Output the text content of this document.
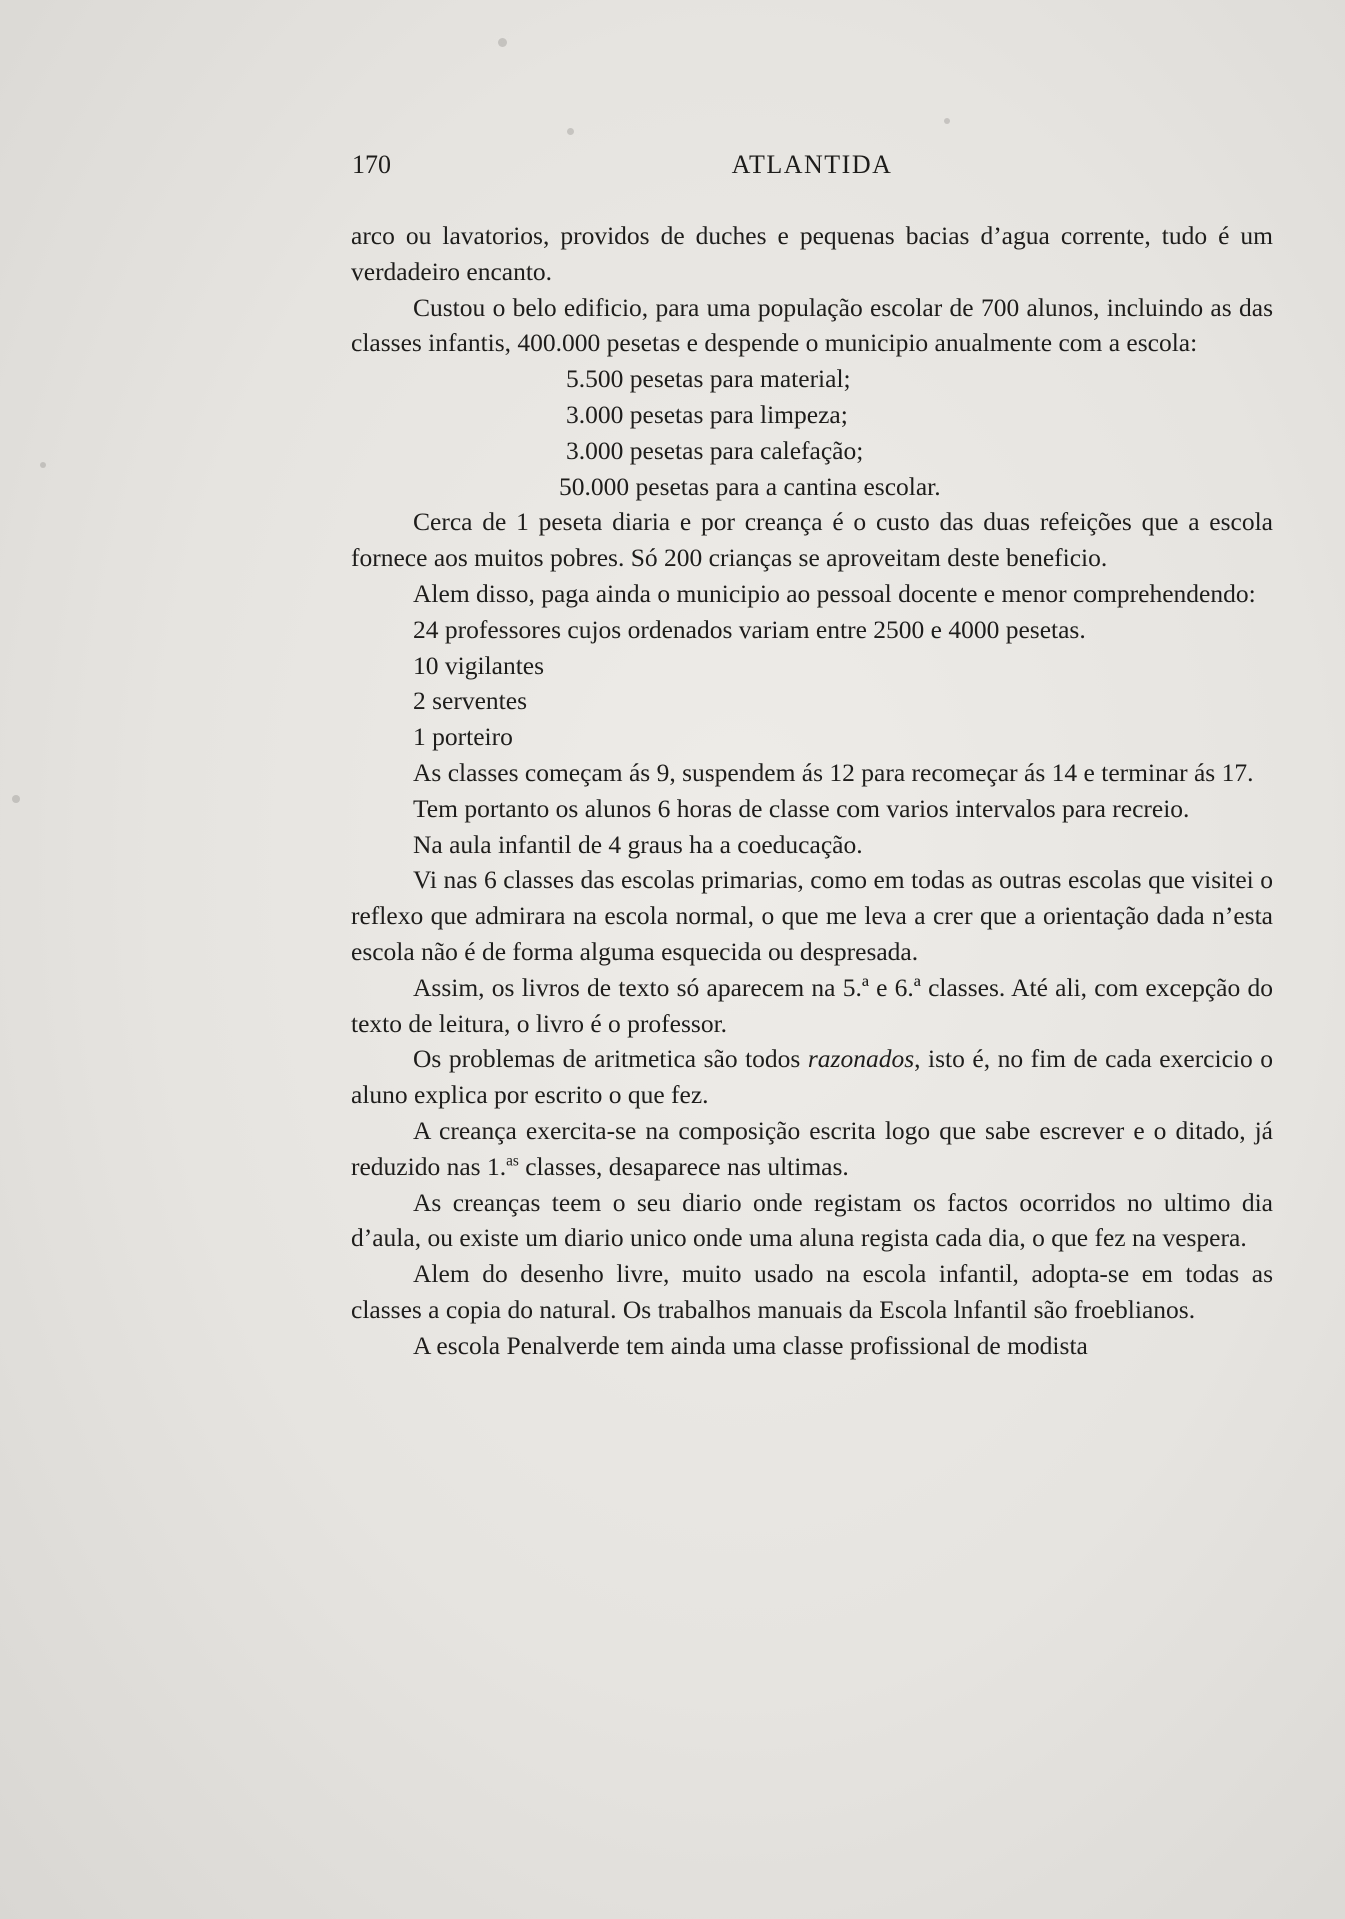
170	ATLANTIDA

arco ou lavatorios, providos de duches e pequenas bacias d’agua corrente, tudo é um verdadeiro encanto.

Custou o belo edificio, para uma população escolar de 700 alunos, incluindo as das classes infantis, 400.000 pesetas e despende o municipio anualmente com a escola:

5.500 pesetas para material;
3.000 pesetas para limpeza;
3.000 pesetas para calefação;
50.000 pesetas para a cantina escolar.

Cerca de 1 peseta diaria e por creança é o custo das duas refeições que a escola fornece aos muitos pobres. Só 200 crianças se aproveitam deste beneficio.

Alem disso, paga ainda o municipio ao pessoal docente e menor comprehendendo:

24 professores cujos ordenados variam entre 2500 e 4000 pesetas.
10 vigilantes
2 serventes
1 porteiro

As classes começam ás 9, suspendem ás 12 para recomeçar ás 14 e terminar ás 17.

Tem portanto os alunos 6 horas de classe com varios intervalos para recreio.

Na aula infantil de 4 graus ha a coeducação.

Vi nas 6 classes das escolas primarias, como em todas as outras escolas que visitei o reflexo que admirara na escola normal, o que me leva a crer que a orientação dada n’esta escola não é de forma alguma esquecida ou despresada.

Assim, os livros de texto só aparecem na 5.ª e 6.ª classes. Até ali, com excepção do texto de leitura, o livro é o professor.

Os problemas de aritmetica são todos razonados, isto é, no fim de cada exercicio o aluno explica por escrito o que fez.

A creança exercita-se na composição escrita logo que sabe escrever e o ditado, já reduzido nas 1.$^{as}$ classes, desaparece nas ultimas.

As creanças teem o seu diario onde registam os factos ocorridos no ultimo dia d’aula, ou existe um diario unico onde uma aluna regista cada dia, o que fez na vespera.

Alem do desenho livre, muito usado na escola infantil, adopta-se em todas as classes a copia do natural. Os trabalhos manuais da Escola lnfantil são froeblianos.

A escola Penalverde tem ainda uma classe profissional de modista
